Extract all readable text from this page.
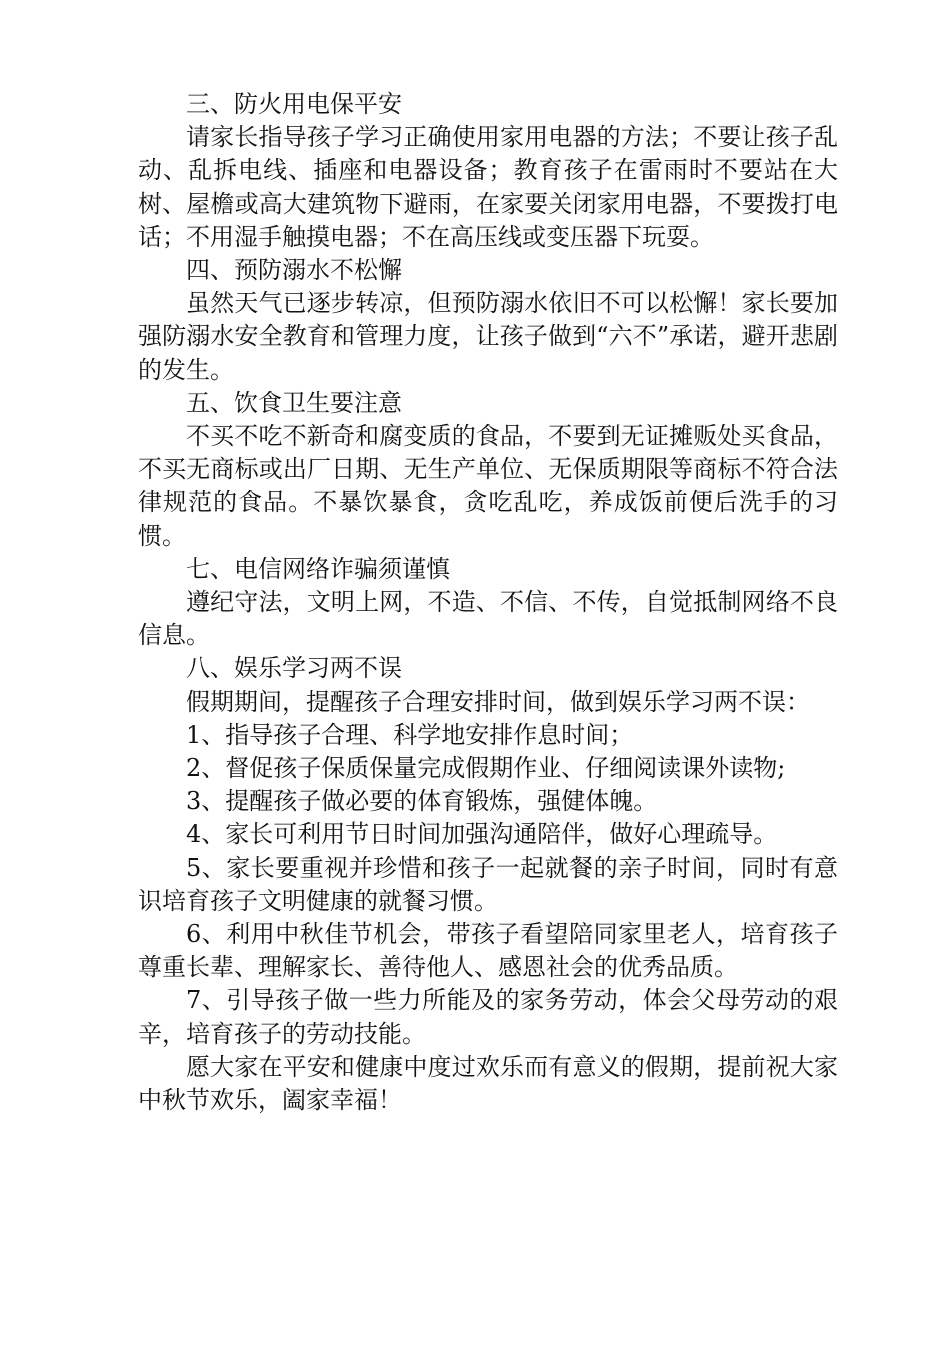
三、防火用电保平安

请家长指导孩子学习正确使用家用电器的方法；不要让孩子乱动、乱拆电线、插座和电器设备；教育孩子在雷雨时不要站在大树、屋檐或高大建筑物下避雨，在家要关闭家用电器，不要拨打电话；不用湿手触摸电器；不在高压线或变压器下玩耍。

四、预防溺水不松懈

虽然天气已逐步转凉，但预防溺水依旧不可以松懈！家长要加强防溺水安全教育和管理力度，让孩子做到“六不”承诺，避开悲剧的发生。

五、饮食卫生要注意

不买不吃不新奇和腐变质的食品，不要到无证摊贩处买食品，不买无商标或出厂日期、无生产单位、无保质期限等商标不符合法律规范的食品。不暴饮暴食，贪吃乱吃，养成饭前便后洗手的习惯。

七、电信网络诈骗须谨慎

遵纪守法，文明上网，不造、不信、不传，自觉抵制网络不良信息。

八、娱乐学习两不误

假期期间，提醒孩子合理安排时间，做到娱乐学习两不误：

1、指导孩子合理、科学地安排作息时间；

2、督促孩子保质保量完成假期作业、仔细阅读课外读物;

3、提醒孩子做必要的体育锻炼，强健体魄。

4、家长可利用节日时间加强沟通陪伴，做好心理疏导。

5、家长要重视并珍惜和孩子一起就餐的亲子时间，同时有意识培育孩子文明健康的就餐习惯。

6、利用中秋佳节机会，带孩子看望陪同家里老人，培育孩子尊重长辈、理解家长、善待他人、感恩社会的优秀品质。

7、引导孩子做一些力所能及的家务劳动，体会父母劳动的艰辛，培育孩子的劳动技能。

愿大家在平安和健康中度过欢乐而有意义的假期，提前祝大家中秋节欢乐，阖家幸福！
